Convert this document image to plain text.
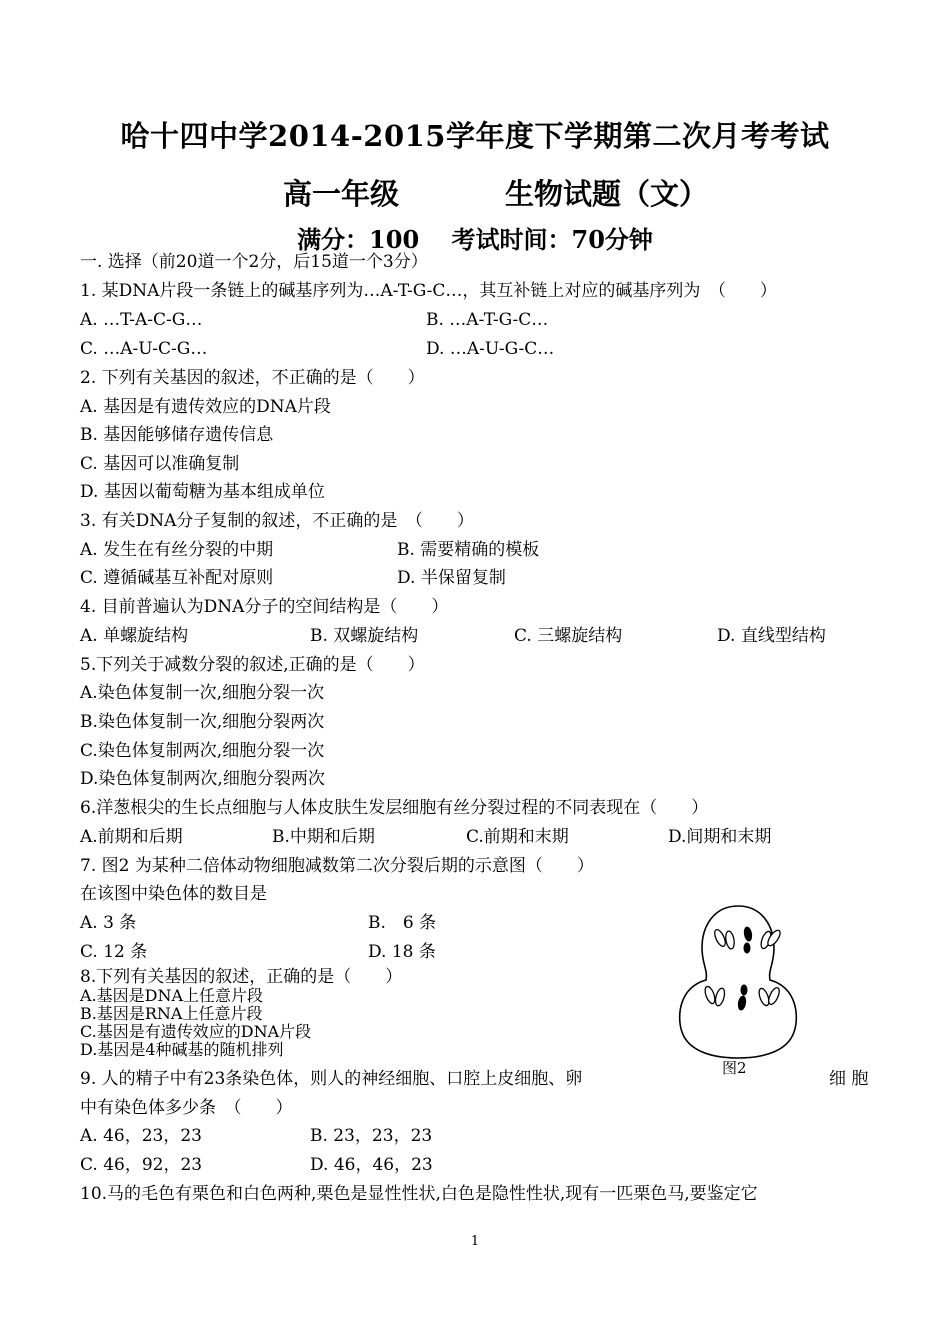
哈十四中学2014-2015学年度下学期第二次月考考试
高一年级	生物试题（文）
满分：100　 考试时间：70分钟
一. 选择（前20道一个2分，后15道一个3分）
1. 某DNA片段一条链上的碱基序列为…A-T-G-C…，其互补链上对应的碱基序列为　（　　）
A. …T-A-C-G…	B. …A-T-G-C…
C. …A-U-C-G…	D. …A-U-G-C…
2. 下列有关基因的叙述，不正确的是（　　）
A. 基因是有遗传效应的DNA片段
B. 基因能够储存遗传信息
C. 基因可以准确复制
D. 基因以葡萄糖为基本组成单位
3. 有关DNA分子复制的叙述，不正确的是　（　　）
A. 发生在有丝分裂的中期	B. 需要精确的模板
C. 遵循碱基互补配对原则	D. 半保留复制
4. 目前普遍认为DNA分子的空间结构是（　　）
A. 单螺旋结构	B. 双螺旋结构	C. 三螺旋结构	D. 直线型结构
5.下列关于减数分裂的叙述,正确的是（　　）
A.染色体复制一次,细胞分裂一次
B.染色体复制一次,细胞分裂两次
C.染色体复制两次,细胞分裂一次
D.染色体复制两次,细胞分裂两次
6.洋葱根尖的生长点细胞与人体皮肤生发层细胞有丝分裂过程的不同表现在（　　）
A.前期和后期	B.中期和后期	C.前期和末期	D.间期和末期
7. 图2 为某种二倍体动物细胞减数第二次分裂后期的示意图（　　）
在该图中染色体的数目是
A. 3 条	B.　6 条
C. 12 条	D. 18 条
8.下列有关基因的叙述，正确的是（　　）
A.基因是DNA上任意片段
B.基因是RNA上任意片段
C.基因是有遗传效应的DNA片段
D.基因是4种碱基的随机排列
图2
9. 人的精子中有23条染色体，则人的神经细胞、口腔上皮细胞、卵	细 胞
中有染色体多少条　（　　）
A. 46，23，23	B. 23，23，23
C. 46，92，23	D. 46，46，23
10.马的毛色有栗色和白色两种,栗色是显性性状,白色是隐性性状,现有一匹栗色马,要鉴定它
1
